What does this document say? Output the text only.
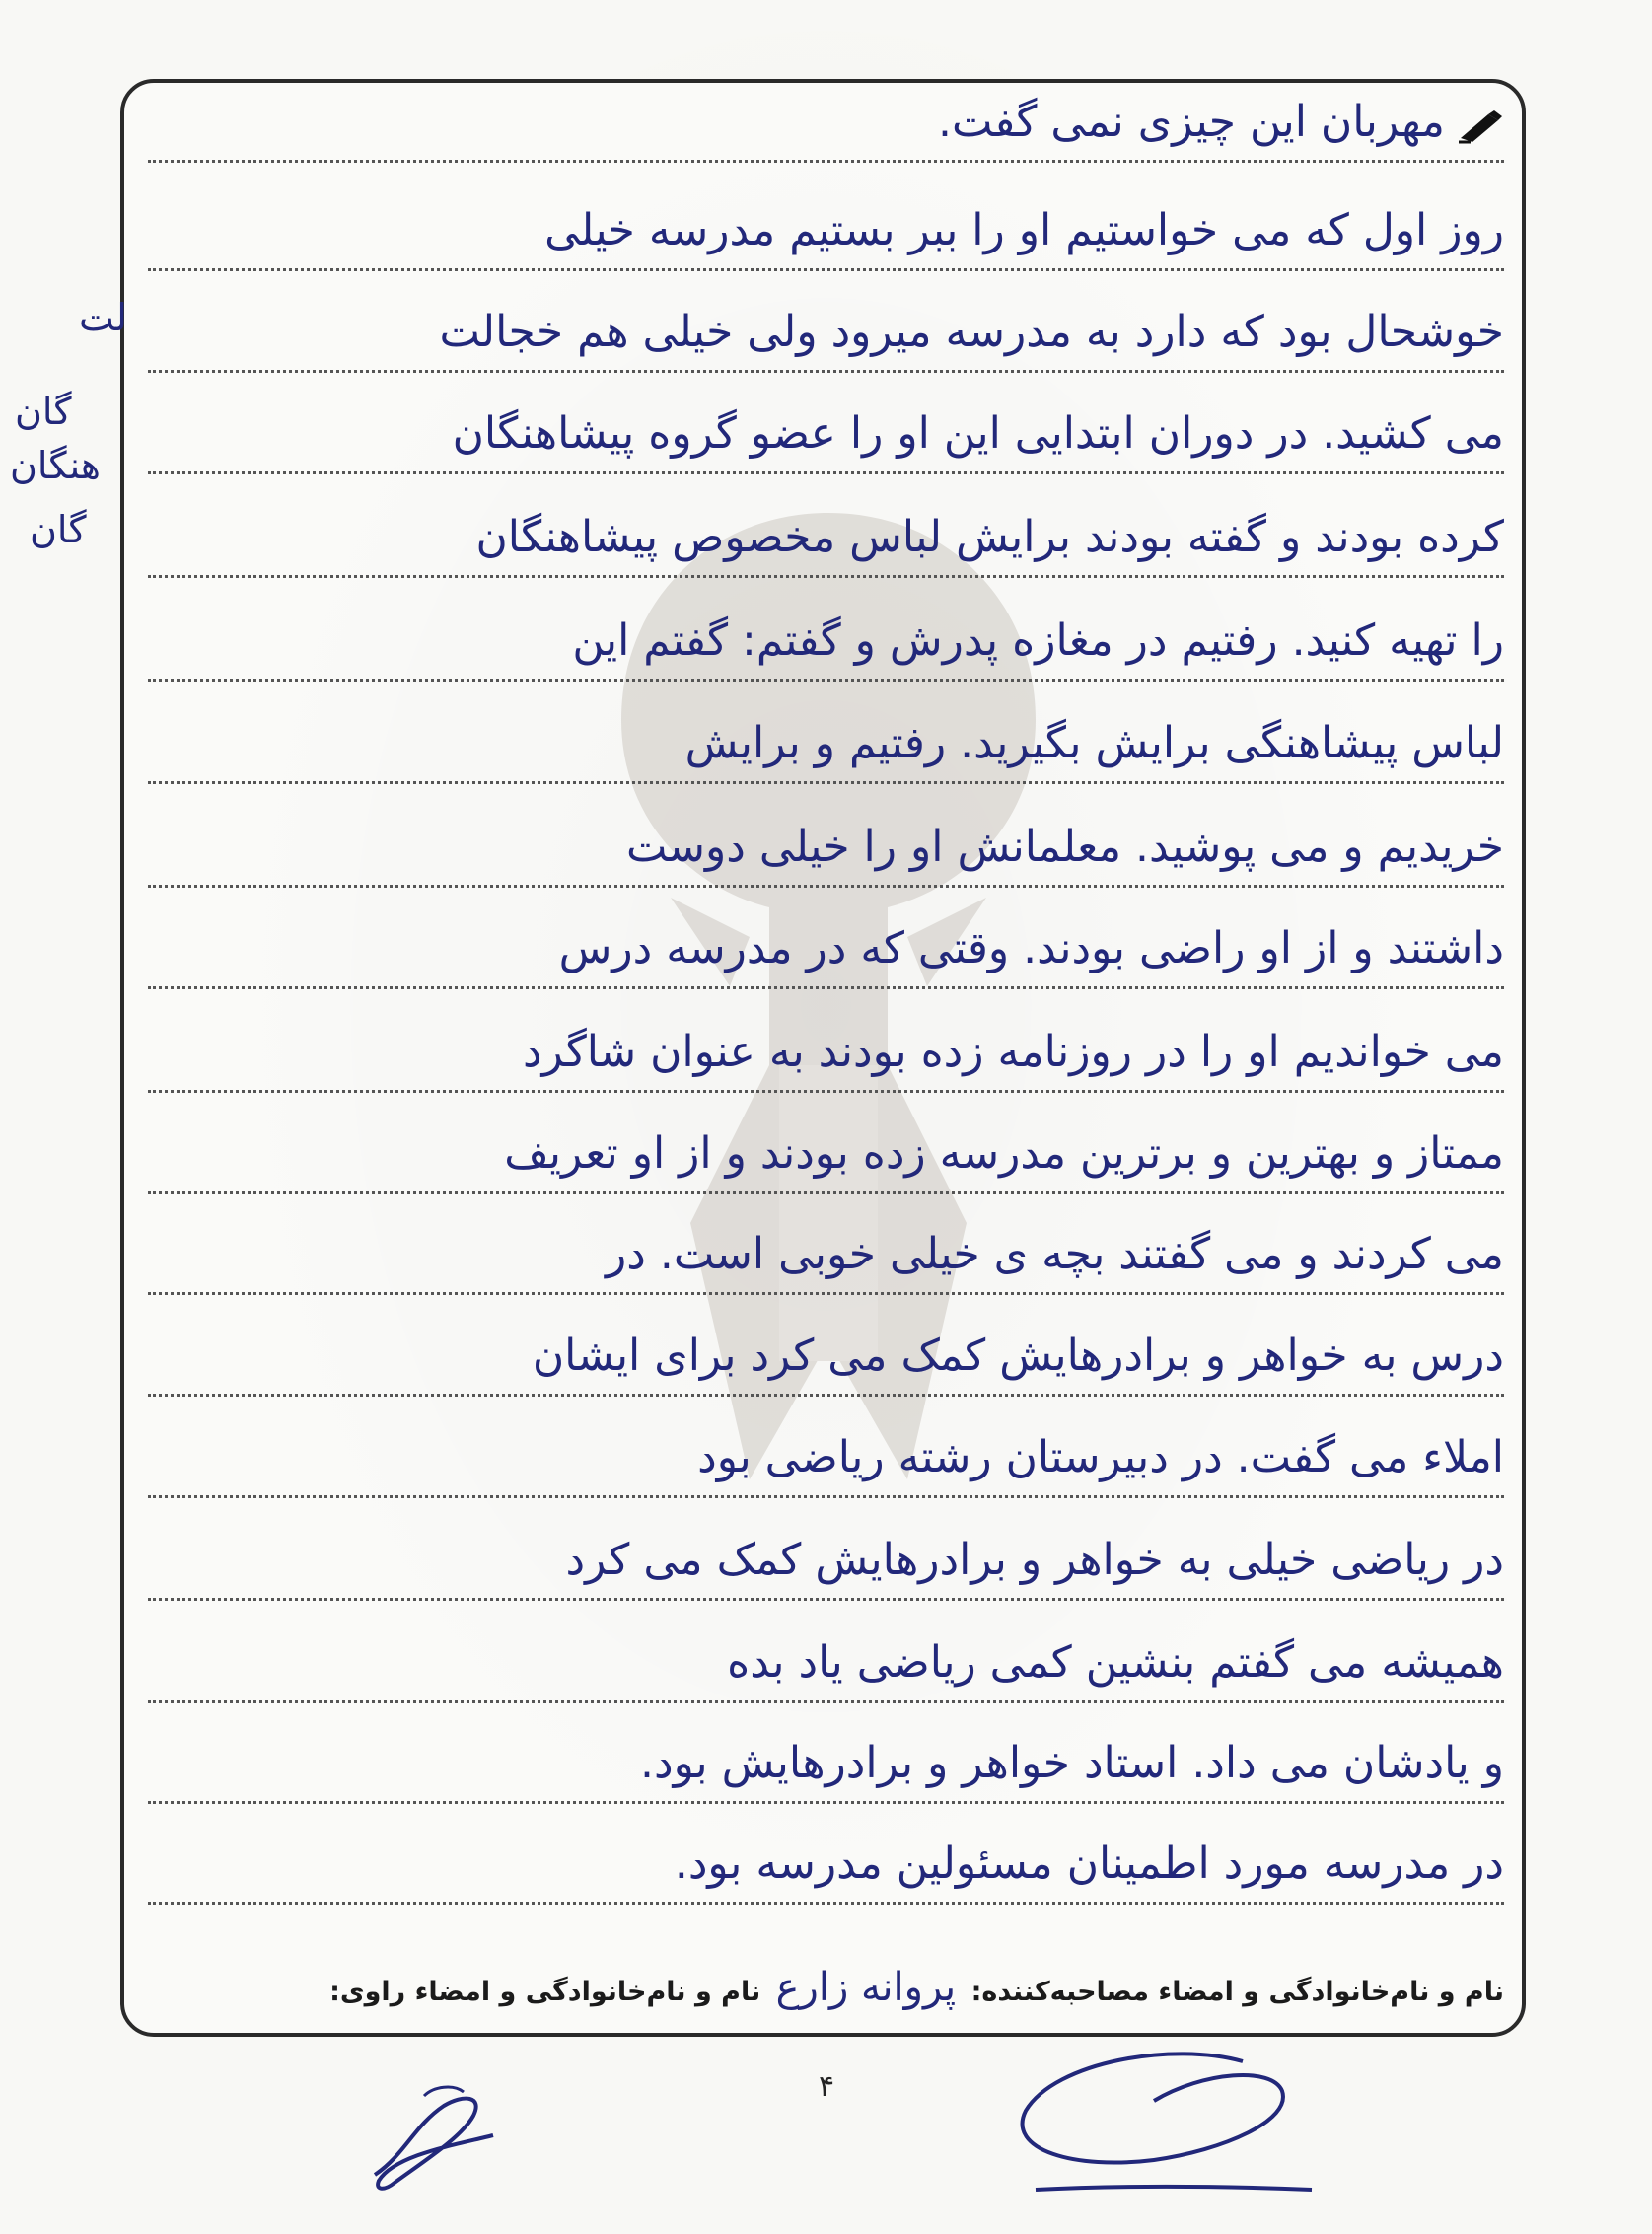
مهربان این چیزی نمی گفت.
روز اول که می خواستیم او را ببر بستیم مدرسه خیلی
خوشحال بود که دارد به مدرسه میرود ولی خیلی هم خجالت
می کشید. در دوران ابتدایی این او را عضو گروه پیشاهنگان
کرده بودند و گفته بودند برایش لباس مخصوص پیشاهنگان
را تهیه کنید. رفتیم در مغازه پدرش و گفتم: گفتم این
لباس پیشاهنگی برایش بگیرید. رفتیم و برایش
خریدیم و می پوشید. معلمانش او را خیلی دوست
داشتند و از او راضی بودند. وقتی که در مدرسه درس
می خواندیم او را در روزنامه زده بودند به عنوان شاگرد
ممتاز و بهترین و برترین مدرسه زده بودند و از او تعریف
می کردند و می گفتند بچه ی خیلی خوبی است. در
درس به خواهر و برادرهایش کمک می کرد برای ایشان
املاء می گفت. در دبیرستان رشته ریاضی بود
در ریاضی خیلی به خواهر و برادرهایش کمک می کرد
همیشه می گفتم بنشین کمی ریاضی یاد بده
و یادشان می داد. استاد خواهر و برادرهایش بود.
در مدرسه مورد اطمینان مسئولین مدرسه بود.
لت
گان
هنگان
گان
نام و نام‌خانوادگی و امضاء مصاحبه‌کننده: پروانه زارع نام و نام‌خانوادگی و امضاء راوی:
۴
